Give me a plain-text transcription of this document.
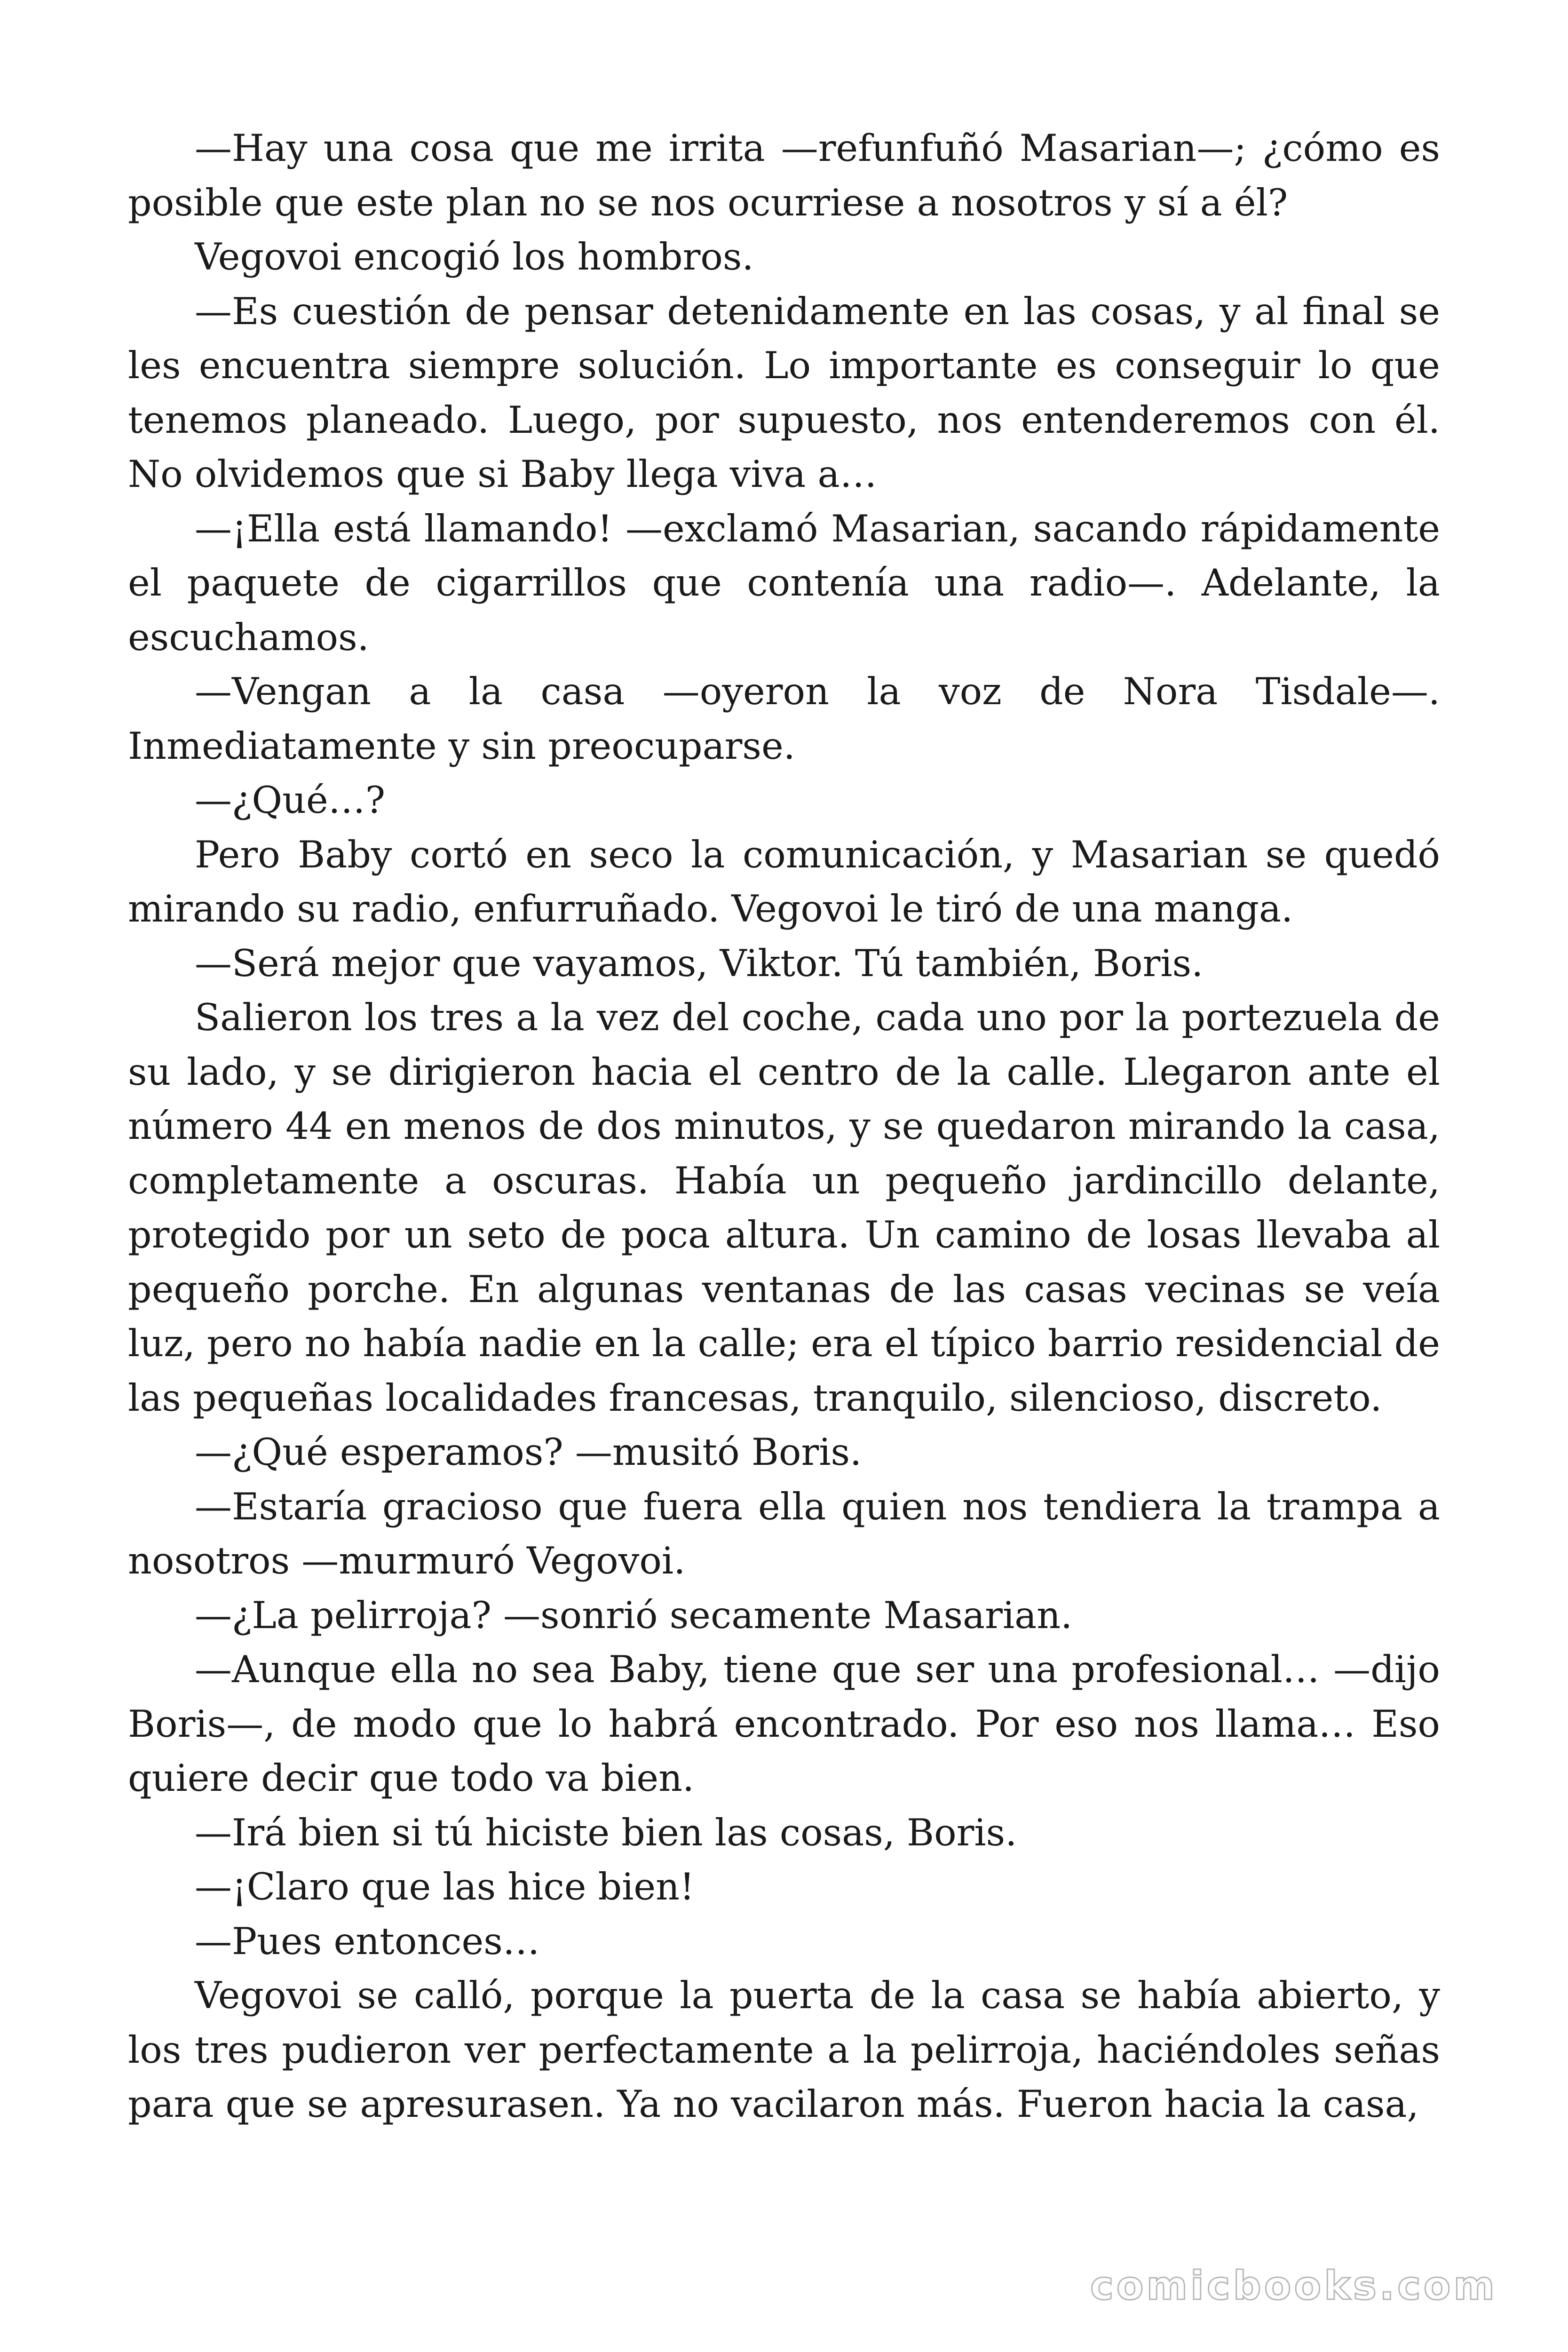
—Hay una cosa que me irrita —refunfuñó Masarian—; ¿cómo es posible que este plan no se nos ocurriese a nosotros y sí a él?

Vegovoi encogió los hombros.

—Es cuestión de pensar detenidamente en las cosas, y al final se les encuentra siempre solución. Lo importante es conseguir lo que tenemos planeado. Luego, por supuesto, nos entenderemos con él. No olvidemos que si Baby llega viva a…

—¡Ella está llamando! —exclamó Masarian, sacando rápidamente el paquete de cigarrillos que contenía una radio—. Adelante, la escuchamos.

—Vengan a la casa —oyeron la voz de Nora Tisdale—. Inmediatamente y sin preocuparse.

—¿Qué…?

Pero Baby cortó en seco la comunicación, y Masarian se quedó mirando su radio, enfurruñado. Vegovoi le tiró de una manga.

—Será mejor que vayamos, Viktor. Tú también, Boris.

Salieron los tres a la vez del coche, cada uno por la portezuela de su lado, y se dirigieron hacia el centro de la calle. Llegaron ante el número 44 en menos de dos minutos, y se quedaron mirando la casa, completamente a oscuras. Había un pequeño jardincillo delante, protegido por un seto de poca altura. Un camino de losas llevaba al pequeño porche. En algunas ventanas de las casas vecinas se veía luz, pero no había nadie en la calle; era el típico barrio residencial de las pequeñas localidades francesas, tranquilo, silencioso, discreto.

—¿Qué esperamos? —musitó Boris.

—Estaría gracioso que fuera ella quien nos tendiera la trampa a nosotros —murmuró Vegovoi.

—¿La pelirroja? —sonrió secamente Masarian.

—Aunque ella no sea Baby, tiene que ser una profesional… —dijo Boris—, de modo que lo habrá encontrado. Por eso nos llama… Eso quiere decir que todo va bien.

—Irá bien si tú hiciste bien las cosas, Boris.

—¡Claro que las hice bien!

—Pues entonces…

Vegovoi se calló, porque la puerta de la casa se había abierto, y los tres pudieron ver perfectamente a la pelirroja, haciéndoles señas para que se apresurasen. Ya no vacilaron más. Fueron hacia la casa,

comicbooks.com
